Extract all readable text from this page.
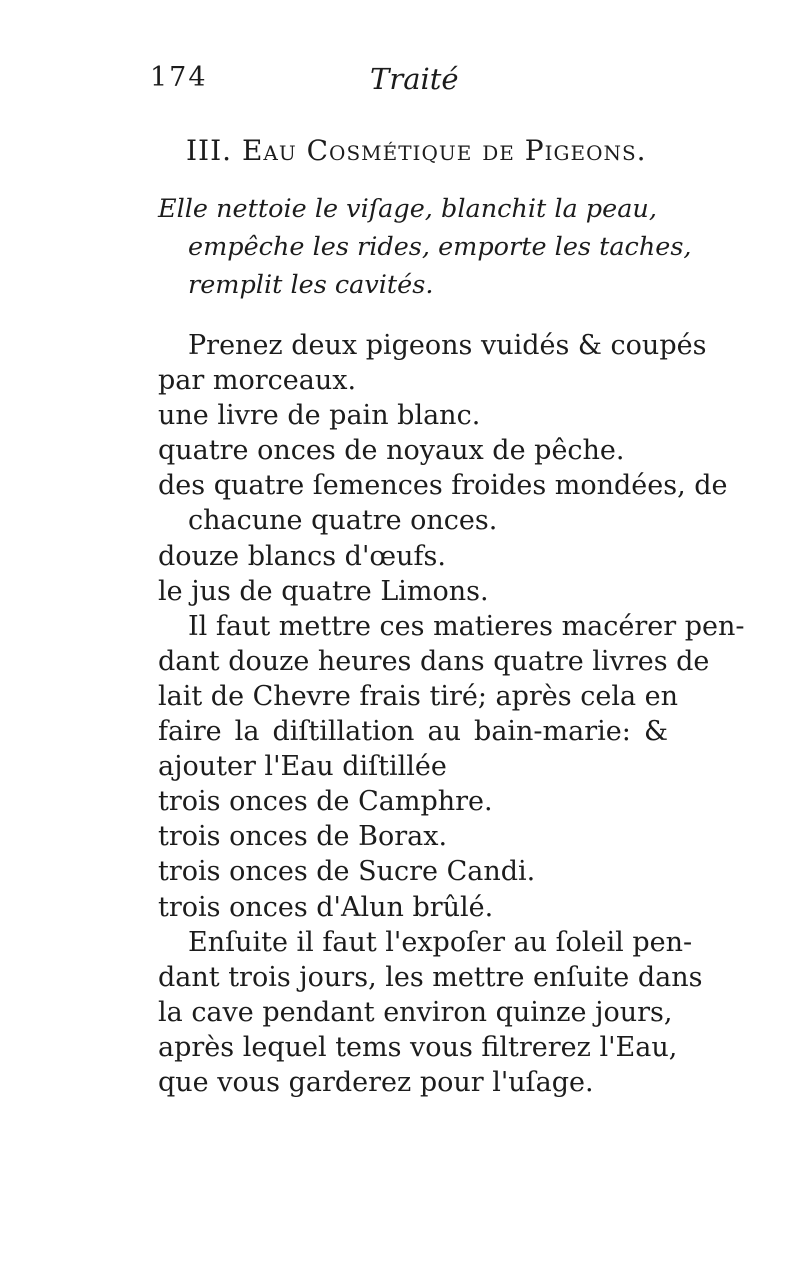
174	Traité
III. Eau Cosmétique de Pigeons.
Elle nettoie le viſage, blanchit la peau,
empêche les rides, emporte les taches,
remplit les cavités.
Prenez deux pigeons vuidés & coupés
par morceaux.
une livre de pain blanc.
quatre onces de noyaux de pêche.
des quatre ſemences froides mondées, de
chacune quatre onces.
douze blancs d'œufs.
le jus de quatre Limons.
Il faut mettre ces matieres macérer pen-
dant douze heures dans quatre livres de
lait de Chevre frais tiré; après cela en
faire la diſtillation au bain-marie: &
ajouter l'Eau diſtillée
trois onces de Camphre.
trois onces de Borax.
trois onces de Sucre Candi.
trois onces d'Alun brûlé.
Enſuite il faut l'expoſer au ſoleil pen-
dant trois jours, les mettre enſuite dans
la cave pendant environ quinze jours,
après lequel tems vous filtrerez l'Eau,
que vous garderez pour l'uſage.
